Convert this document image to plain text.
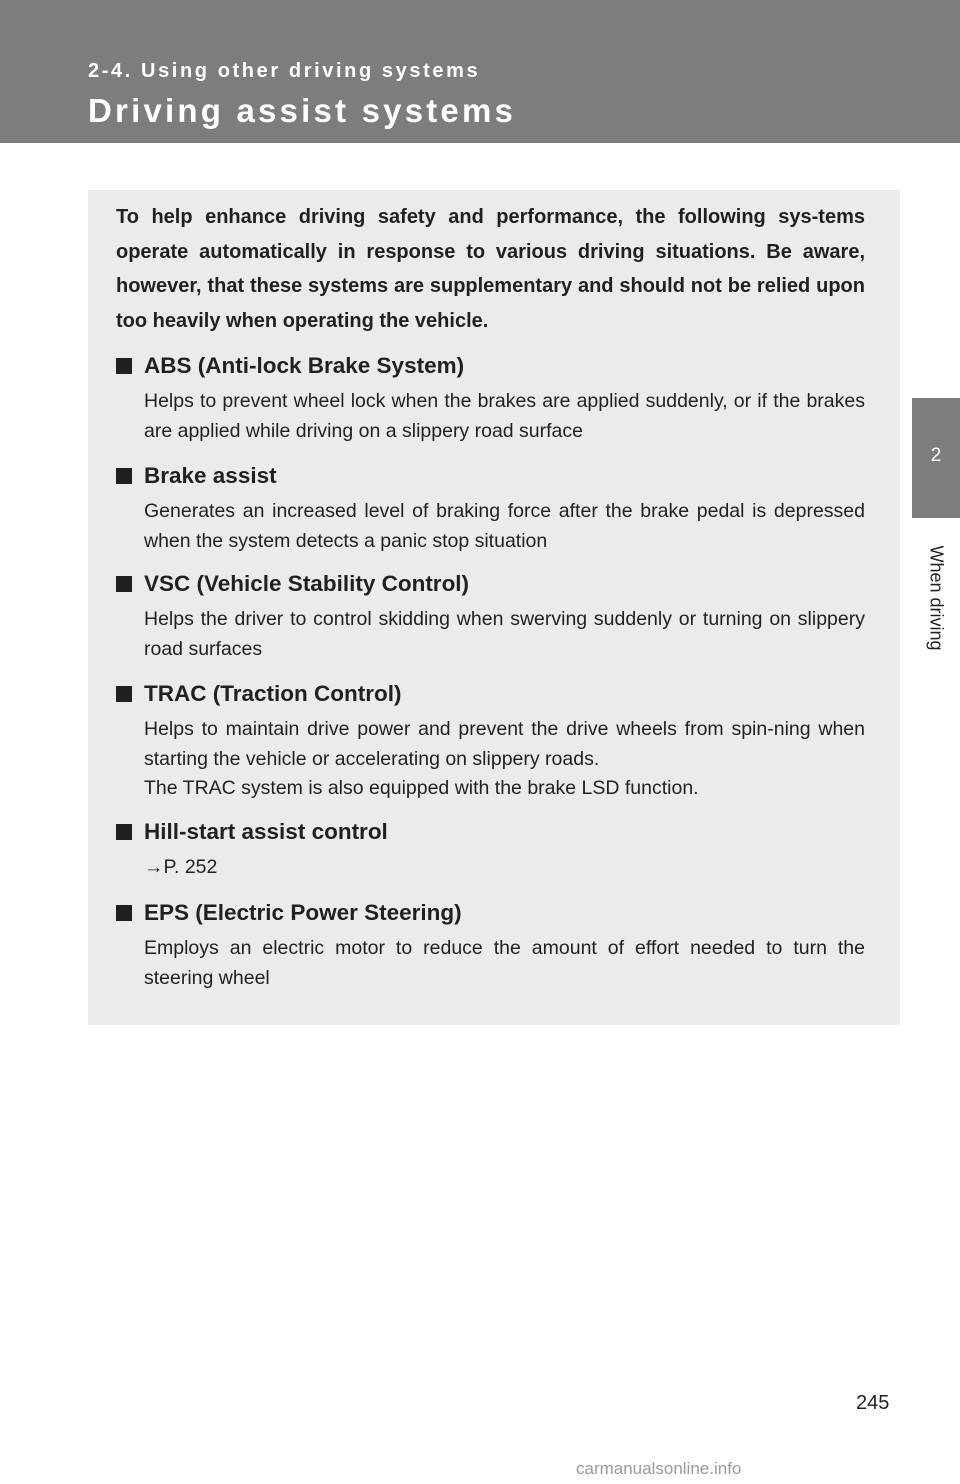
2-4. Using other driving systems
Driving assist systems
2
When driving
To help enhance driving safety and performance, the following sys-tems operate automatically in response to various driving situations. Be aware, however, that these systems are supplementary and should not be relied upon too heavily when operating the vehicle.
ABS (Anti-lock Brake System)
Helps to prevent wheel lock when the brakes are applied suddenly, or if the brakes are applied while driving on a slippery road surface
Brake assist
Generates an increased level of braking force after the brake pedal is depressed when the system detects a panic stop situation
VSC (Vehicle Stability Control)
Helps the driver to control skidding when swerving suddenly or turning on slippery road surfaces
TRAC (Traction Control)
Helps to maintain drive power and prevent the drive wheels from spin-ning when starting the vehicle or accelerating on slippery roads.
The TRAC system is also equipped with the brake LSD function.
Hill-start assist control
→P. 252
EPS (Electric Power Steering)
Employs an electric motor to reduce the amount of effort needed to turn the steering wheel
245
carmanualsonline.info
